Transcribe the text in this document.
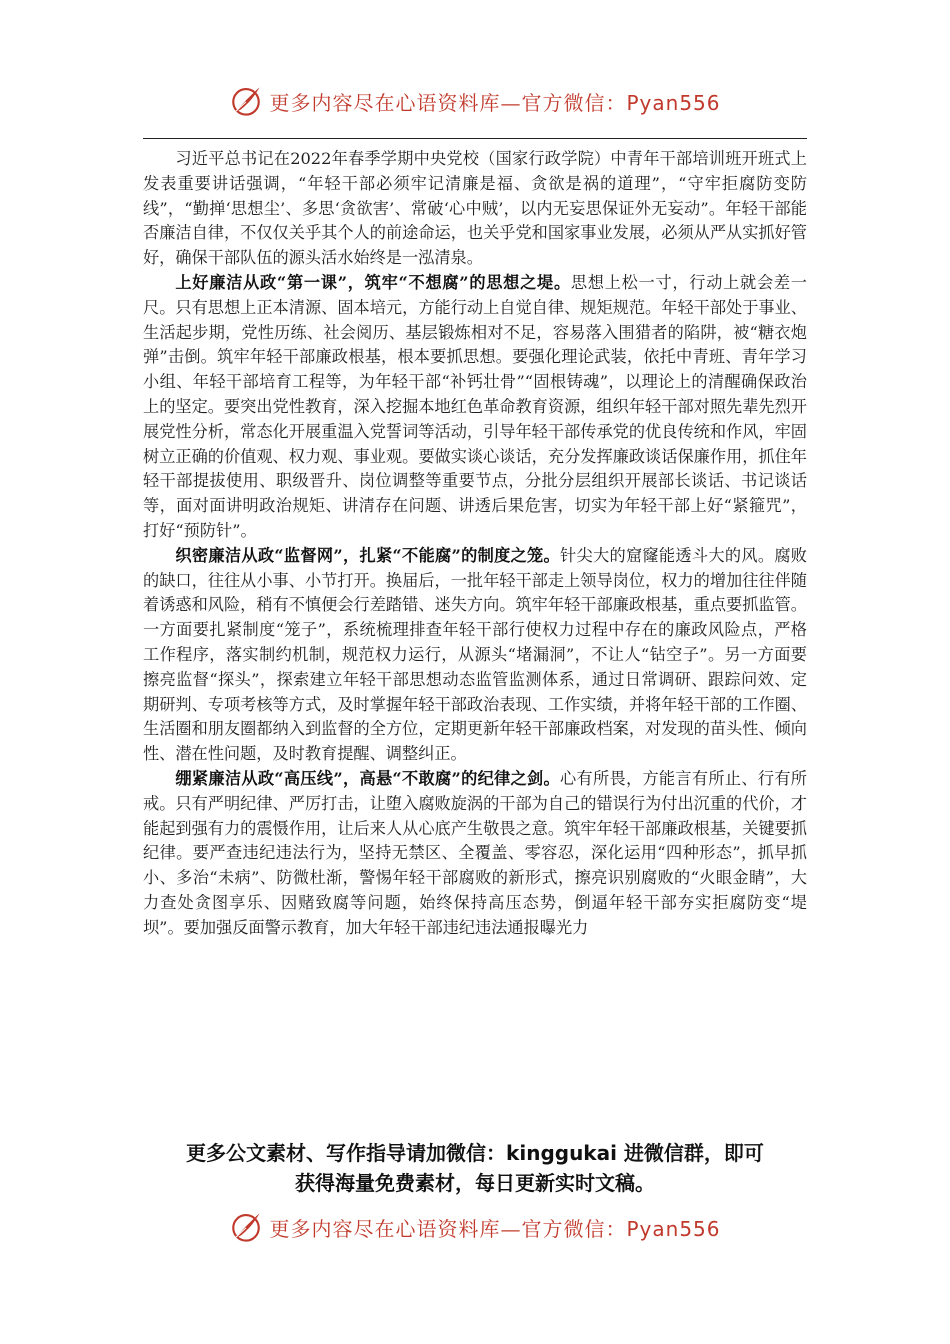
更多内容尽在心语资料库—官方微信：Pyan556

习近平总书记在2022年春季学期中央党校（国家行政学院）中青年干部培训班开班式上发表重要讲话强调，“年轻干部必须牢记清廉是福、贪欲是祸的道理”，“守牢拒腐防变防线”，“勤掸‘思想尘’、多思‘贪欲害’、常破‘心中贼’，以内无妄思保证外无妄动”。年轻干部能否廉洁自律，不仅仅关乎其个人的前途命运，也关乎党和国家事业发展，必须从严从实抓好管好，确保干部队伍的源头活水始终是一泓清泉。

上好廉洁从政“第一课”，筑牢“不想腐”的思想之堤。思想上松一寸，行动上就会差一尺。只有思想上正本清源、固本培元，方能行动上自觉自律、规矩规范。年轻干部处于事业、生活起步期，党性历练、社会阅历、基层锻炼相对不足，容易落入围猎者的陷阱，被“糖衣炮弹”击倒。筑牢年轻干部廉政根基，根本要抓思想。要强化理论武装，依托中青班、青年学习小组、年轻干部培育工程等，为年轻干部“补钙壮骨”“固根铸魂”，以理论上的清醒确保政治上的坚定。要突出党性教育，深入挖掘本地红色革命教育资源，组织年轻干部对照先辈先烈开展党性分析，常态化开展重温入党誓词等活动，引导年轻干部传承党的优良传统和作风，牢固树立正确的价值观、权力观、事业观。要做实谈心谈话，充分发挥廉政谈话保廉作用，抓住年轻干部提拔使用、职级晋升、岗位调整等重要节点，分批分层组织开展部长谈话、书记谈话等，面对面讲明政治规矩、讲清存在问题、讲透后果危害，切实为年轻干部上好“紧箍咒”，打好“预防针”。

织密廉洁从政“监督网”，扎紧“不能腐”的制度之笼。针尖大的窟窿能透斗大的风。腐败的缺口，往往从小事、小节打开。换届后，一批年轻干部走上领导岗位，权力的增加往往伴随着诱惑和风险，稍有不慎便会行差踏错、迷失方向。筑牢年轻干部廉政根基，重点要抓监管。一方面要扎紧制度“笼子”，系统梳理排查年轻干部行使权力过程中存在的廉政风险点，严格工作程序，落实制约机制，规范权力运行，从源头“堵漏洞”，不让人“钻空子”。另一方面要擦亮监督“探头”，探索建立年轻干部思想动态监管监测体系，通过日常调研、跟踪问效、定期研判、专项考核等方式，及时掌握年轻干部政治表现、工作实绩，并将年轻干部的工作圈、生活圈和朋友圈都纳入到监督的全方位，定期更新年轻干部廉政档案，对发现的苗头性、倾向性、潜在性问题，及时教育提醒、调整纠正。

绷紧廉洁从政“高压线”，高悬“不敢腐”的纪律之剑。心有所畏，方能言有所止、行有所戒。只有严明纪律、严厉打击，让堕入腐败旋涡的干部为自己的错误行为付出沉重的代价，才能起到强有力的震慑作用，让后来人从心底产生敬畏之意。筑牢年轻干部廉政根基，关键要抓纪律。要严查违纪违法行为，坚持无禁区、全覆盖、零容忍，深化运用“四种形态”，抓早抓小、多治“未病”、防微杜渐，警惕年轻干部腐败的新形式，擦亮识别腐败的“火眼金睛”，大力查处贪图享乐、因赌致腐等问题，始终保持高压态势，倒逼年轻干部夯实拒腐防变“堤坝”。要加强反面警示教育，加大年轻干部违纪违法通报曝光力

更多公文素材、写作指导请加微信：kinggukai 进微信群，即可
获得海量免费素材，每日更新实时文稿。
更多内容尽在心语资料库—官方微信：Pyan556
